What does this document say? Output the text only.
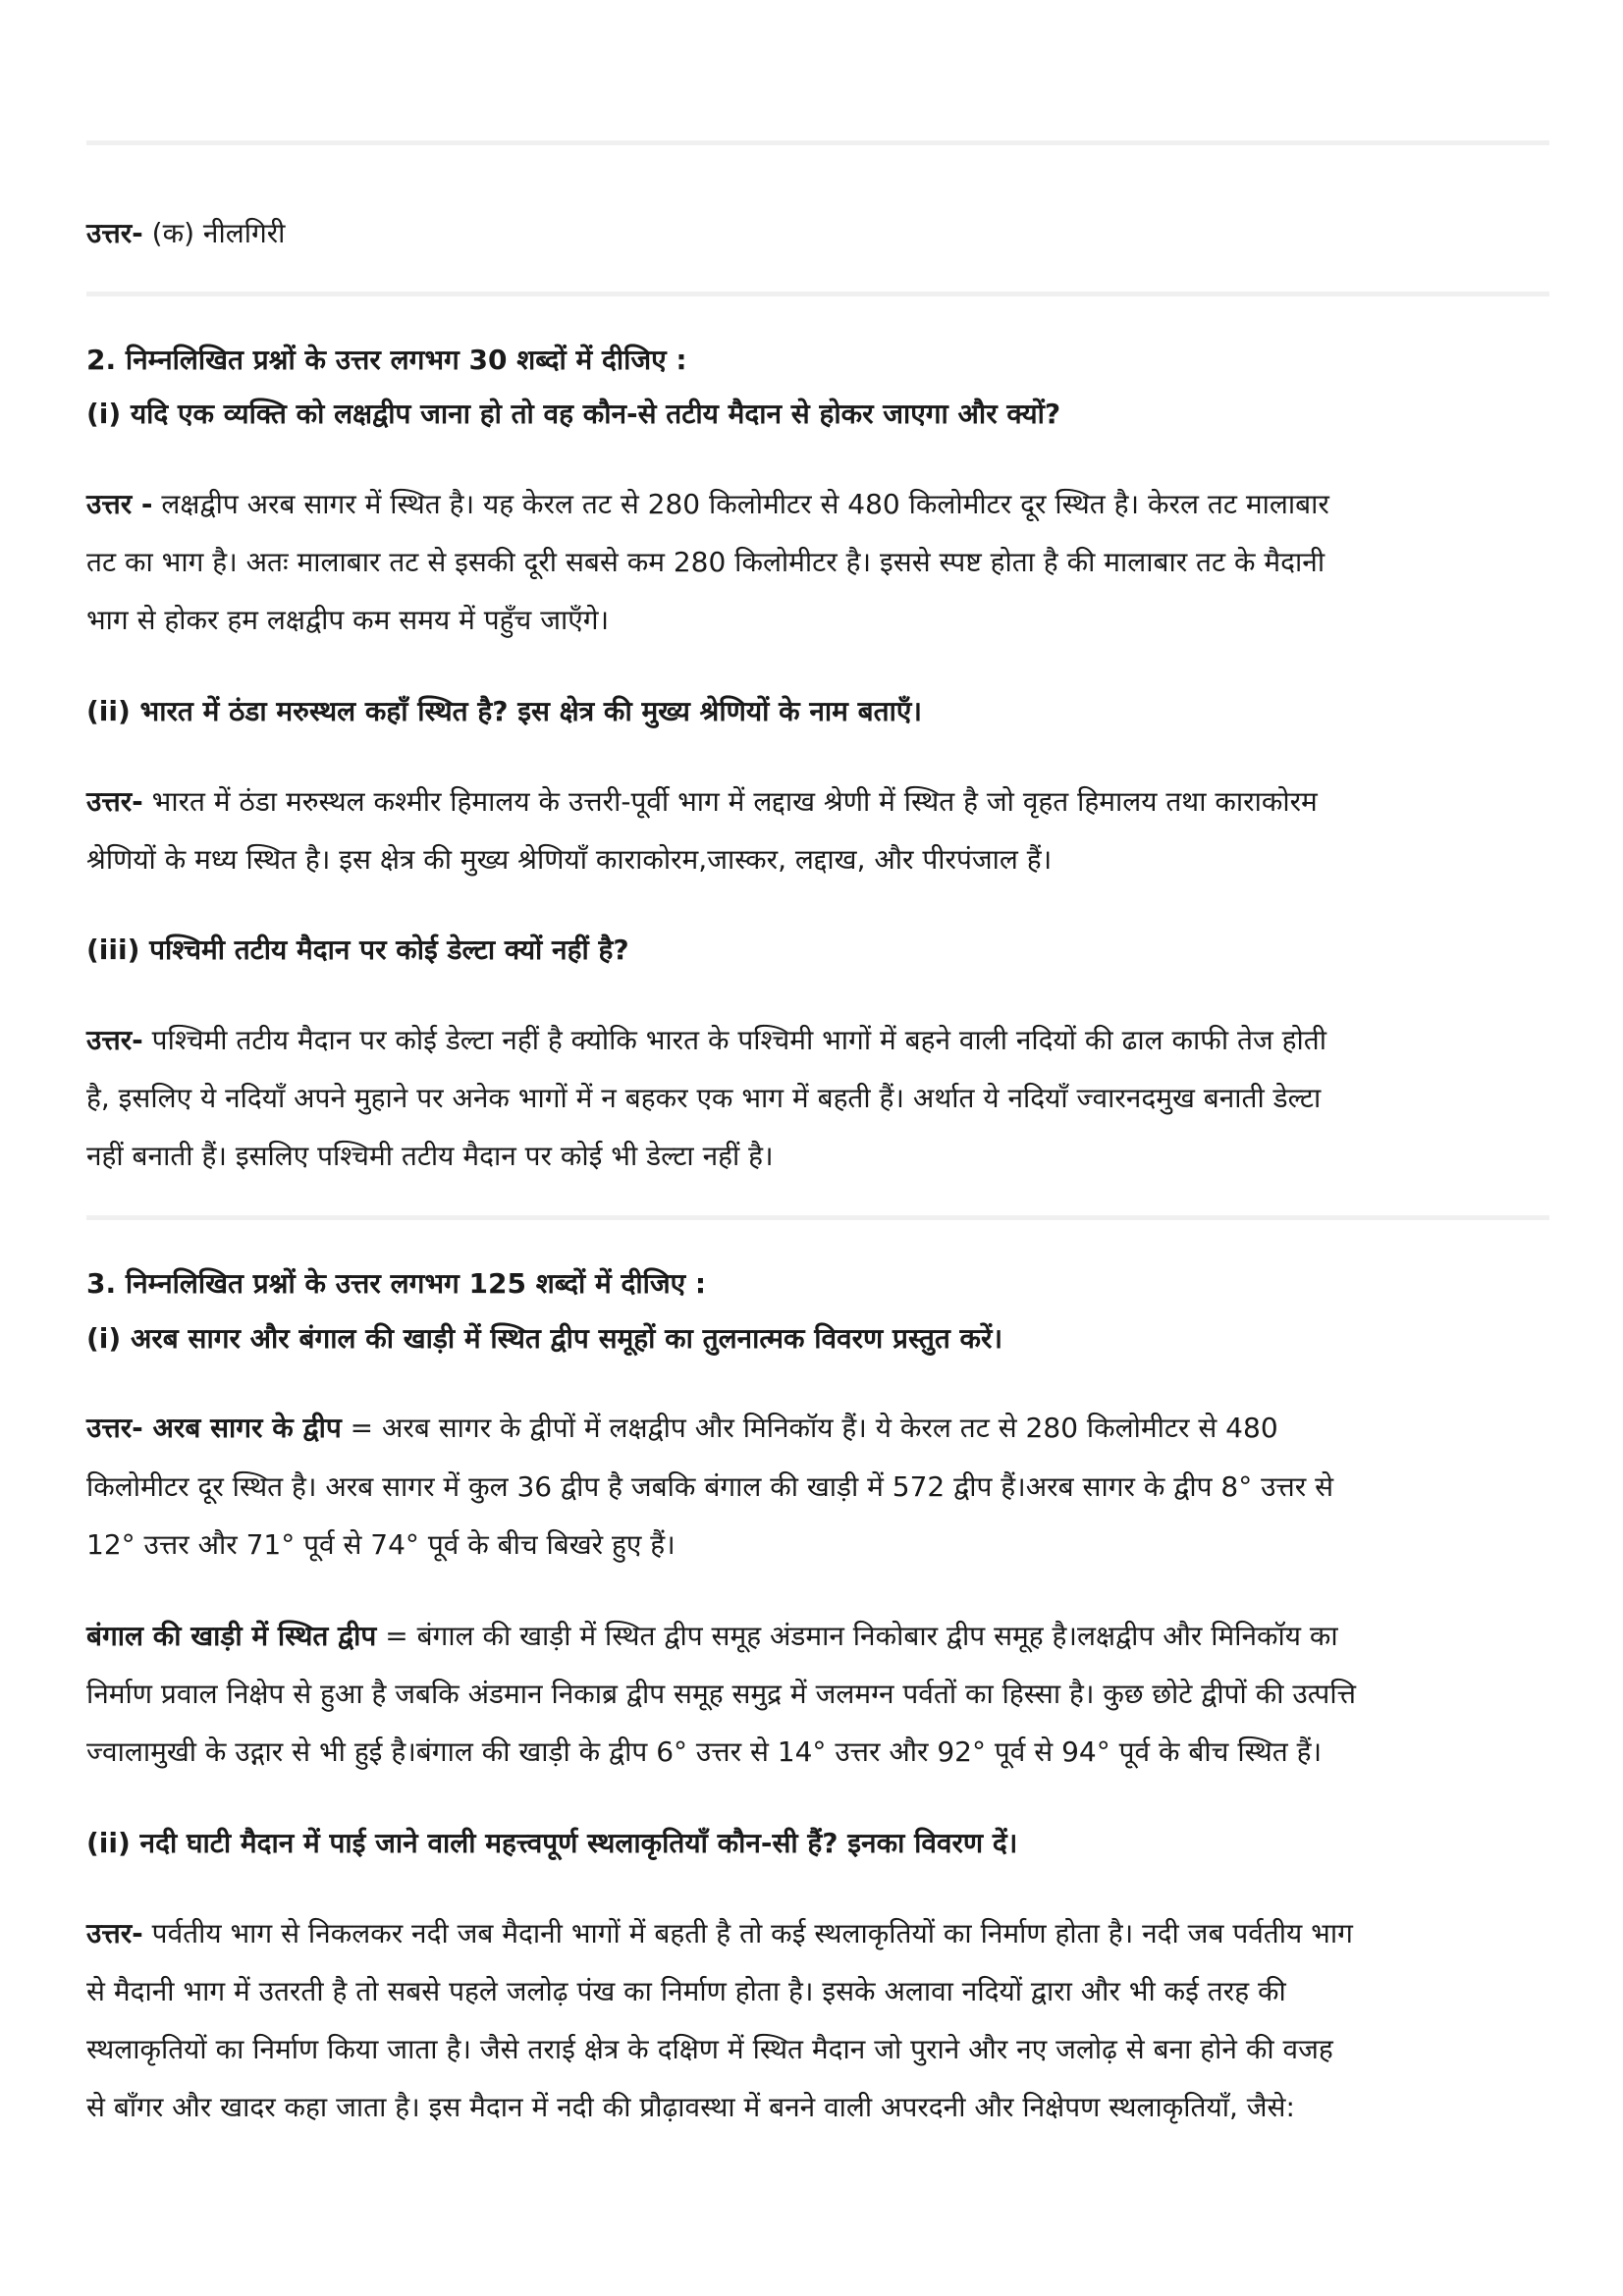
उत्तर- (क) नीलगिरी
2. निम्नलिखित प्रश्नों के उत्तर लगभग 30 शब्दों में दीजिए :
(i) यदि एक व्यक्ति को लक्षद्वीप जाना हो तो वह कौन-से तटीय मैदान से होकर जाएगा और क्यों?
उत्तर - लक्षद्वीप अरब सागर में स्थित है। यह केरल तट से 280 किलोमीटर से 480 किलोमीटर दूर स्थित है। केरल तट मालाबार
तट का भाग है। अतः मालाबार तट से इसकी दूरी सबसे कम 280 किलोमीटर है। इससे स्पष्ट होता है की मालाबार तट के मैदानी
भाग से होकर हम लक्षद्वीप कम समय में पहुँच जाएँगे।
(ii) भारत में ठंडा मरुस्थल कहाँ स्थित है? इस क्षेत्र की मुख्य श्रेणियों के नाम बताएँ।
उत्तर- भारत में ठंडा मरुस्थल कश्मीर हिमालय के उत्तरी-पूर्वी भाग में लद्दाख श्रेणी में स्थित है जो वृहत हिमालय तथा काराकोरम
श्रेणियों के मध्य स्थित है। इस क्षेत्र की मुख्य श्रेणियाँ काराकोरम,जास्कर, लद्दाख, और पीरपंजाल हैं।
(iii) पश्चिमी तटीय मैदान पर कोई डेल्टा क्यों नहीं है?
उत्तर- पश्चिमी तटीय मैदान पर कोई डेल्टा नहीं है क्योकि भारत के पश्चिमी भागों में बहने वाली नदियों की ढाल काफी तेज होती
है, इसलिए ये नदियाँ अपने मुहाने पर अनेक भागों में न बहकर एक भाग में बहती हैं। अर्थात ये नदियाँ ज्वारनदमुख बनाती डेल्टा
नहीं बनाती हैं। इसलिए पश्चिमी तटीय मैदान पर कोई भी डेल्टा नहीं है।
3. निम्नलिखित प्रश्नों के उत्तर लगभग 125 शब्दों में दीजिए :
(i) अरब सागर और बंगाल की खाड़ी में स्थित द्वीप समूहों का तुलनात्मक विवरण प्रस्तुत करें।
उत्तर- अरब सागर के द्वीप = अरब सागर के द्वीपों में लक्षद्वीप और मिनिकॉय हैं। ये केरल तट से 280 किलोमीटर से 480
किलोमीटर दूर स्थित है। अरब सागर में कुल 36 द्वीप है जबकि बंगाल की खाड़ी में 572 द्वीप हैं।अरब सागर के द्वीप 8° उत्तर से
12° उत्तर और 71° पूर्व से 74° पूर्व के बीच बिखरे हुए हैं।
बंगाल की खाड़ी में स्थित द्वीप = बंगाल की खाड़ी में स्थित द्वीप समूह अंडमान निकोबार द्वीप समूह है।लक्षद्वीप और मिनिकॉय का
निर्माण प्रवाल निक्षेप से हुआ है जबकि अंडमान निकाब्र द्वीप समूह समुद्र में जलमग्न पर्वतों का हिस्सा है। कुछ छोटे द्वीपों की उत्पत्ति
ज्वालामुखी के उद्गार से भी हुई है।बंगाल की खाड़ी के द्वीप 6° उत्तर से 14° उत्तर और 92° पूर्व से 94° पूर्व के बीच स्थित हैं।
(ii) नदी घाटी मैदान में पाई जाने वाली महत्त्वपूर्ण स्थलाकृतियाँ कौन-सी हैं? इनका विवरण दें।
उत्तर- पर्वतीय भाग से निकलकर नदी जब मैदानी भागों में बहती है तो कई स्थलाकृतियों का निर्माण होता है। नदी जब पर्वतीय भाग
से मैदानी भाग में उतरती है तो सबसे पहले जलोढ़ पंख का निर्माण होता है। इसके अलावा नदियों द्वारा और भी कई तरह की
स्थलाकृतियों का निर्माण किया जाता है। जैसे तराई क्षेत्र के दक्षिण में स्थित मैदान जो पुराने और नए जलोढ़ से बना होने की वजह
से बाँगर और खादर कहा जाता है। इस मैदान में नदी की प्रौढ़ावस्था में बनने वाली अपरदनी और निक्षेपण स्थलाकृतियाँ, जैसे:
